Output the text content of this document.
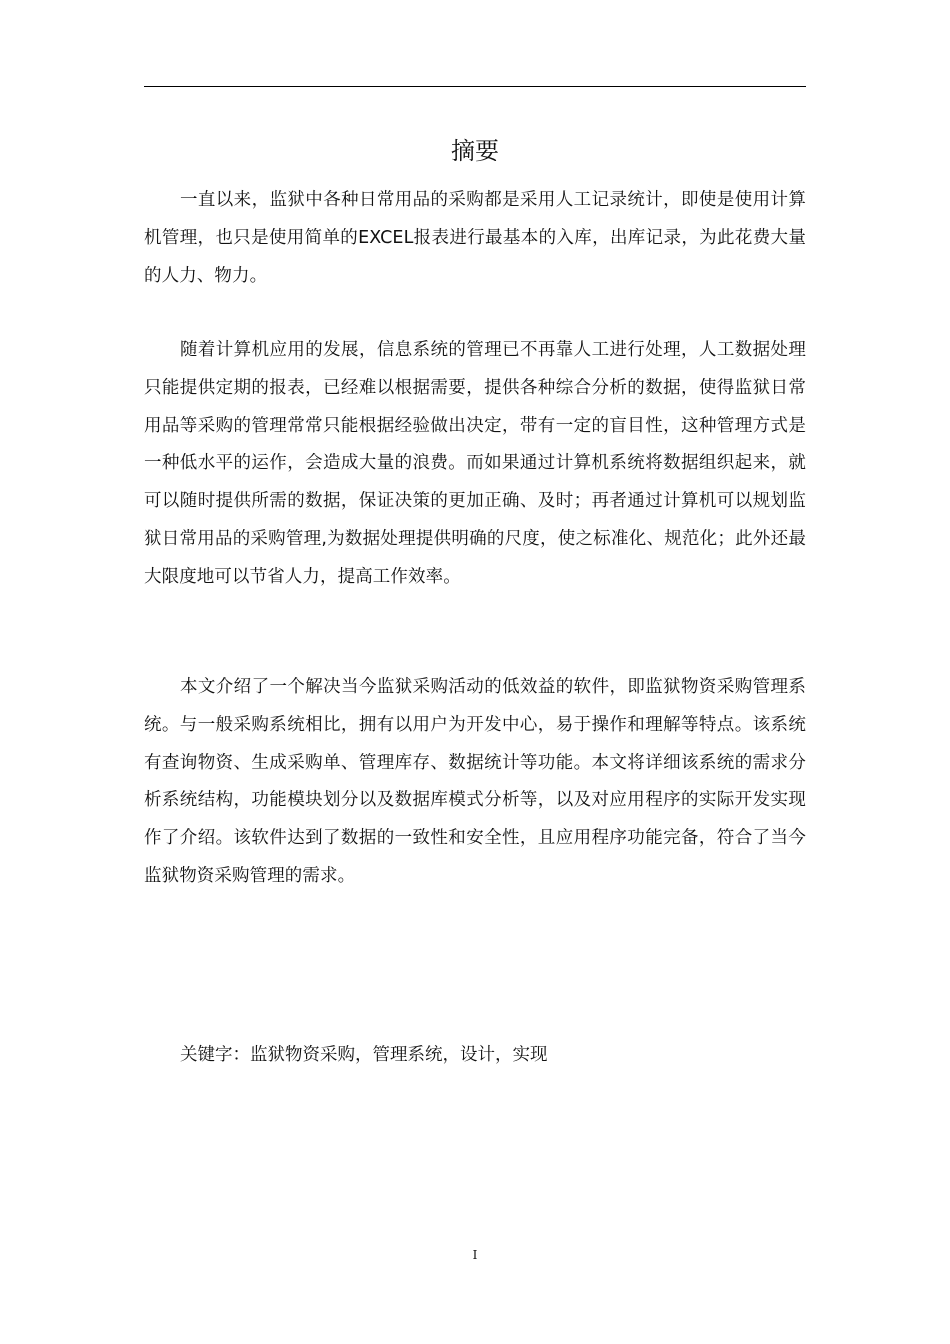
摘要

一直以来，监狱中各种日常用品的采购都是采用人工记录统计，即使是使用计算机管理，也只是使用简单的EXCEL报表进行最基本的入库，出库记录，为此花费大量的人力、物力。

随着计算机应用的发展，信息系统的管理已不再靠人工进行处理，人工数据处理只能提供定期的报表，已经难以根据需要，提供各种综合分析的数据，使得监狱日常用品等采购的管理常常只能根据经验做出决定，带有一定的盲目性，这种管理方式是一种低水平的运作，会造成大量的浪费。而如果通过计算机系统将数据组织起来，就可以随时提供所需的数据，保证决策的更加正确、及时；再者通过计算机可以规划监狱日常用品的采购管理,为数据处理提供明确的尺度，使之标准化、规范化；此外还最大限度地可以节省人力，提高工作效率。

本文介绍了一个解决当今监狱采购活动的低效益的软件，即监狱物资采购管理系统。与一般采购系统相比，拥有以用户为开发中心，易于操作和理解等特点。该系统有查询物资、生成采购单、管理库存、数据统计等功能。本文将详细该系统的需求分析系统结构，功能模块划分以及数据库模式分析等，以及对应用程序的实际开发实现作了介绍。该软件达到了数据的一致性和安全性，且应用程序功能完备，符合了当今监狱物资采购管理的需求。

关键字：监狱物资采购，管理系统，设计，实现

I
